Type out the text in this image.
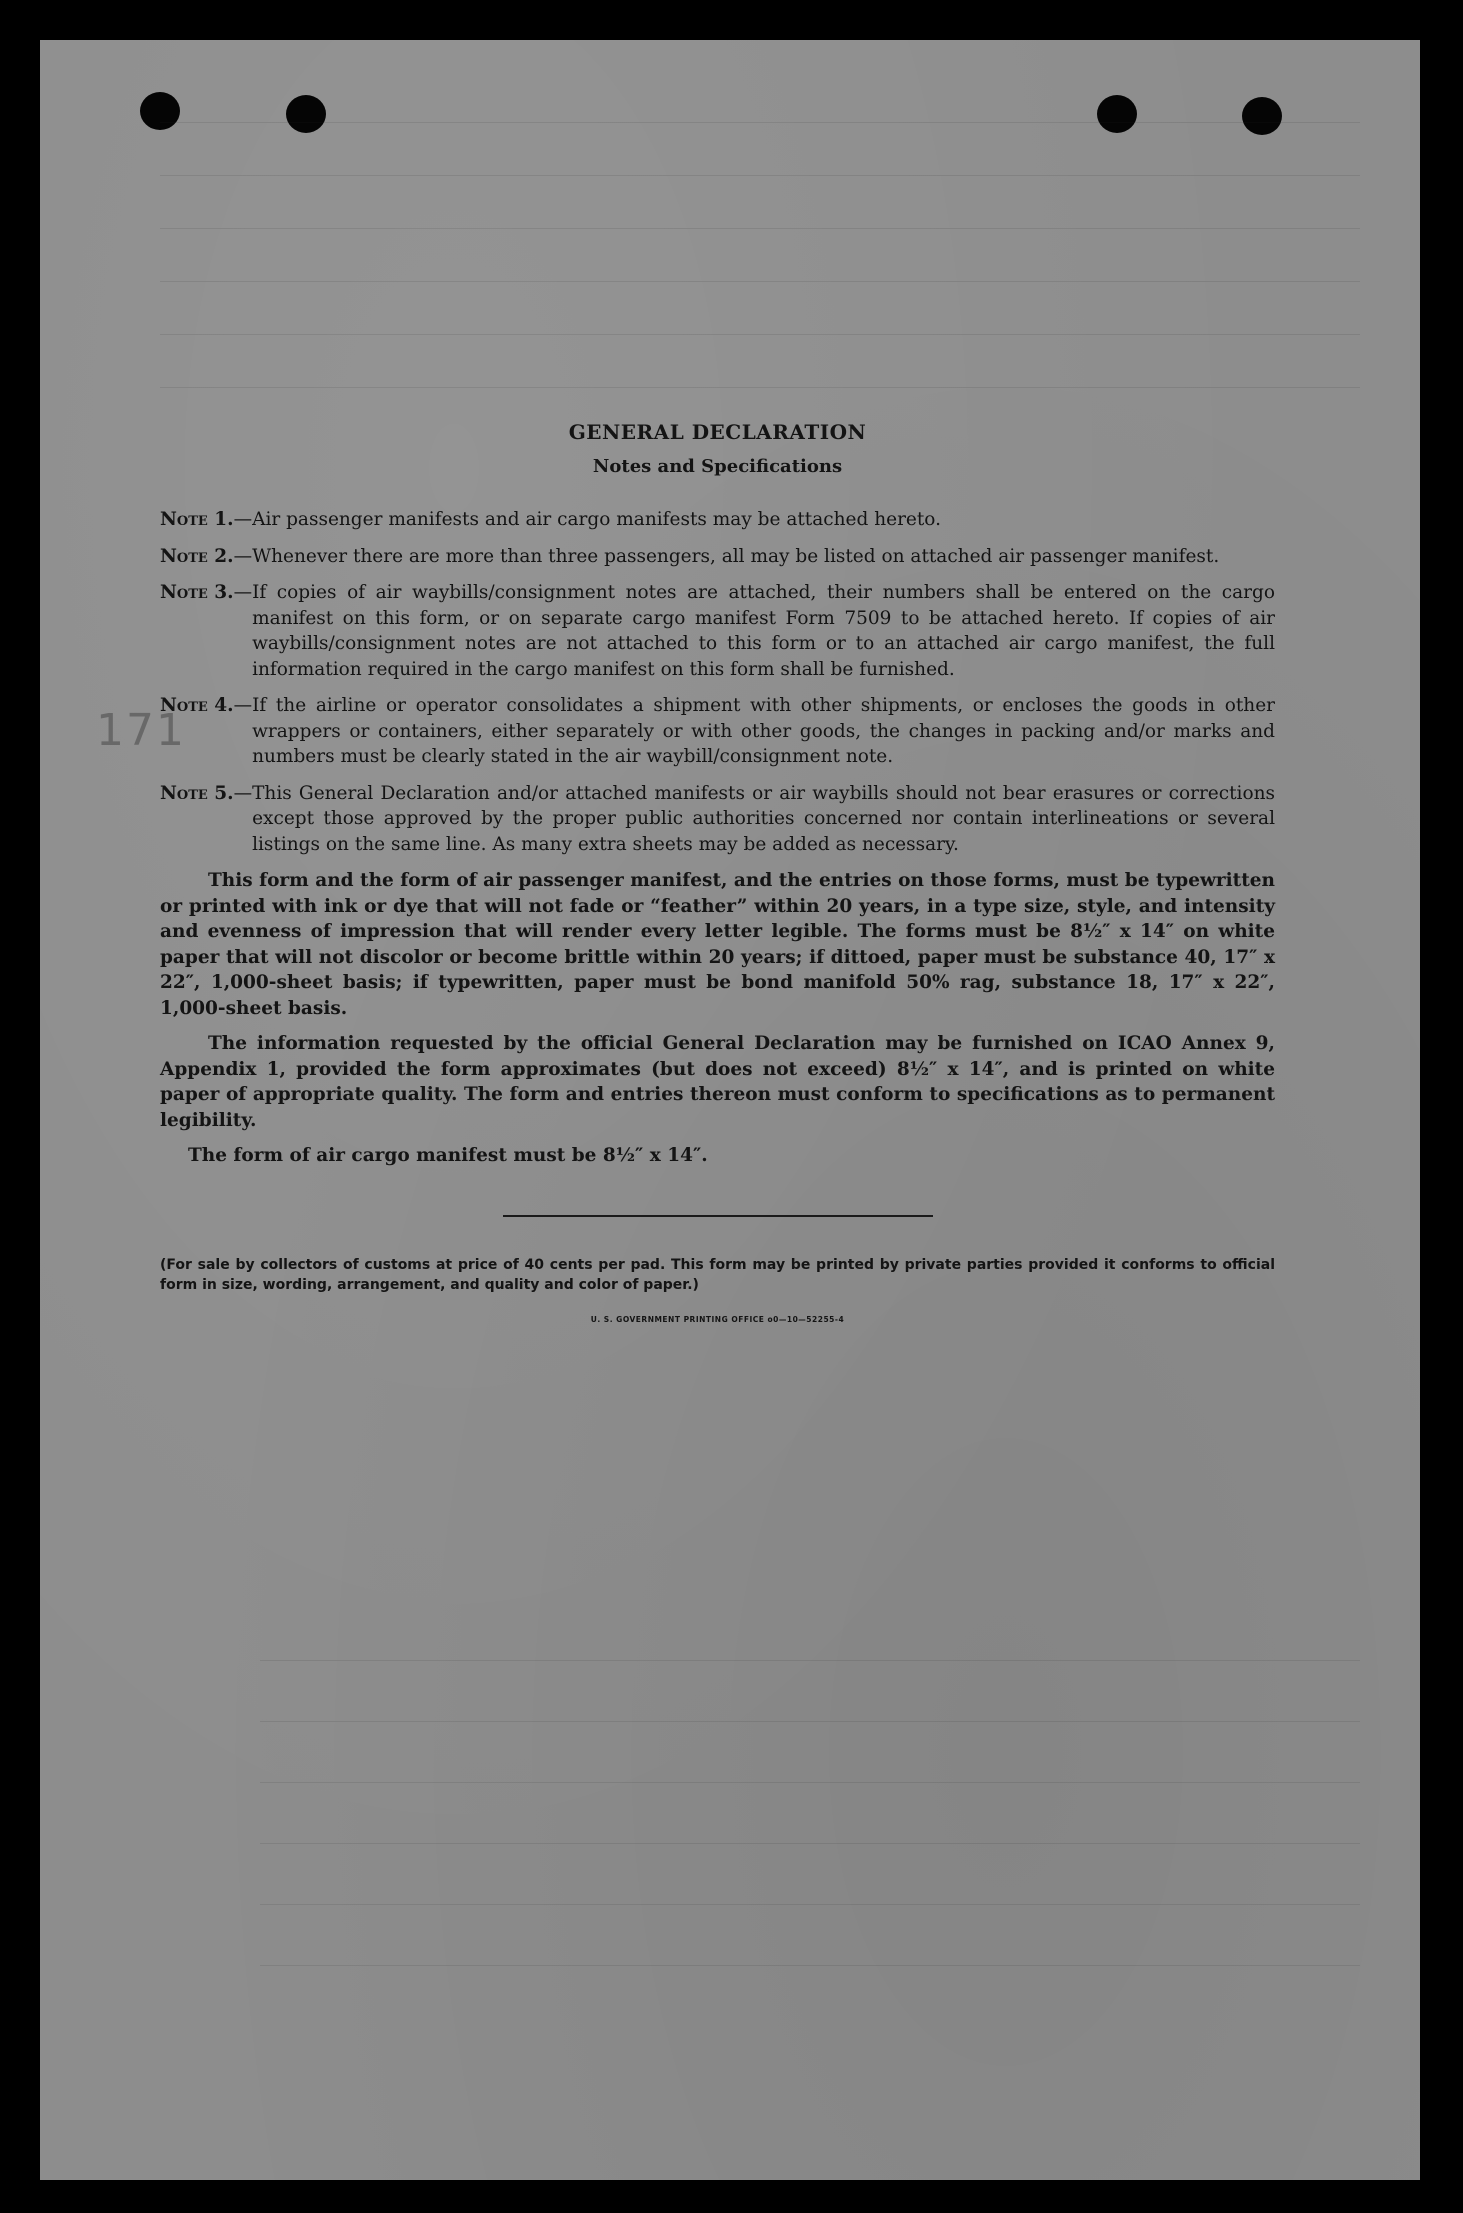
171
GENERAL DECLARATION
Notes and Specifications
Note 1. — Air passenger manifests and air cargo manifests may be attached hereto.
Note 2. — Whenever there are more than three passengers, all may be listed on attached air passenger manifest.
Note 3. — If copies of air waybills/consignment notes are attached, their numbers shall be entered on the cargo manifest on this form, or on separate cargo manifest Form 7509 to be attached hereto. If copies of air waybills/consignment notes are not attached to this form or to an attached air cargo manifest, the full information required in the cargo manifest on this form shall be furnished.
Note 4. — If the airline or operator consolidates a shipment with other shipments, or encloses the goods in other wrappers or containers, either separately or with other goods, the changes in packing and/or marks and numbers must be clearly stated in the air waybill/consignment note.
Note 5. — This General Declaration and/or attached manifests or air waybills should not bear erasures or corrections except those approved by the proper public authorities concerned nor contain interlineations or several listings on the same line. As many extra sheets may be added as necessary.

This form and the form of air passenger manifest, and the entries on those forms, must be typewritten or printed with ink or dye that will not fade or “feather” within 20 years, in a type size, style, and intensity and evenness of impression that will render every letter legible. The forms must be 8½″ x 14″ on white paper that will not discolor or become brittle within 20 years; if dittoed, paper must be substance 40, 17″ x 22″, 1,000-sheet basis; if typewritten, paper must be bond manifold 50% rag, substance 18, 17″ x 22″, 1,000-sheet basis.

The information requested by the official General Declaration may be furnished on ICAO Annex 9, Appendix 1, provided the form approximates (but does not exceed) 8½″ x 14″, and is printed on white paper of appropriate quality. The form and entries thereon must conform to specifications as to permanent legibility.

The form of air cargo manifest must be 8½″ x 14″.

(For sale by collectors of customs at price of 40 cents per pad. This form may be printed by private parties provided it conforms to official form in size, wording, arrangement, and quality and color of paper.)

U. S. GOVERNMENT PRINTING OFFICE o0—10—52255-4
